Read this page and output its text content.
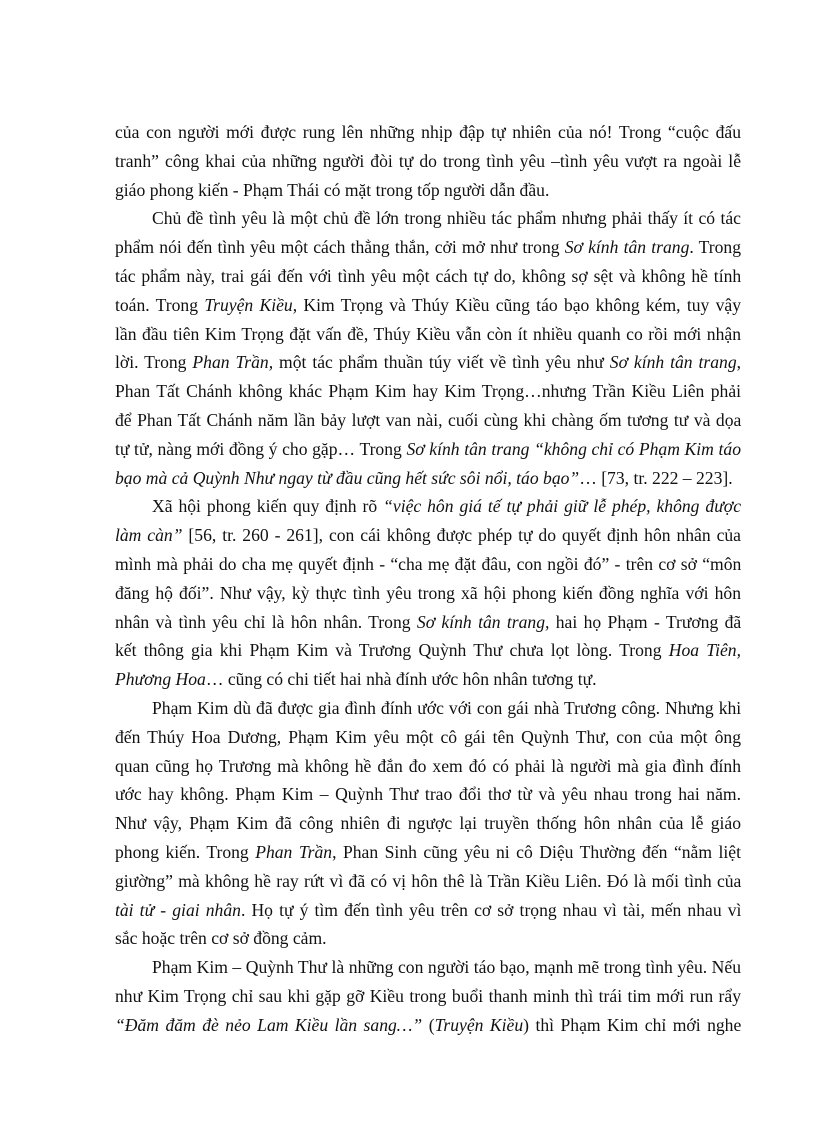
của con người mới được rung lên những nhịp đập tự nhiên của nó! Trong “cuộc đấu
tranh” công khai của những người đòi tự do trong tình yêu –tình yêu vượt ra ngoài lễ
giáo phong kiến - Phạm Thái có mặt trong tốp người dẫn đầu.
Chủ đề tình yêu là một chủ đề lớn trong nhiều tác phẩm nhưng phải thấy ít có tác
phẩm nói đến tình yêu một cách thẳng thắn, cởi mở như trong Sơ kính tân trang. Trong
tác phẩm này, trai gái đến với tình yêu một cách tự do, không sợ sệt và không hề tính
toán. Trong Truyện Kiều, Kim Trọng và Thúy Kiều cũng táo bạo không kém, tuy vậy
lần đầu tiên Kim Trọng đặt vấn đề, Thúy Kiều vẫn còn ít nhiều quanh co rồi mới nhận
lời. Trong Phan Trần, một tác phẩm thuần túy viết về tình yêu như Sơ kính tân trang,
Phan Tất Chánh không khác Phạm Kim hay Kim Trọng…nhưng Trần Kiều Liên phải
để Phan Tất Chánh năm lần bảy lượt van nài, cuối cùng khi chàng ốm tương tư và dọa
tự tử, nàng mới đồng ý cho gặp… Trong Sơ kính tân trang “không chỉ có Phạm Kim táo
bạo mà cả Quỳnh Như ngay từ đầu cũng hết sức sôi nổi, táo bạo”… [73, tr. 222 – 223].
Xã hội phong kiến quy định rõ “việc hôn giá tế tự phải giữ lễ phép, không được
làm càn” [56, tr. 260 - 261], con cái không được phép tự do quyết định hôn nhân của
mình mà phải do cha mẹ quyết định - “cha mẹ đặt đâu, con ngồi đó” - trên cơ sở “môn
đăng hộ đối”. Như vậy, kỳ thực tình yêu trong xã hội phong kiến đồng nghĩa với hôn
nhân và tình yêu chỉ là hôn nhân. Trong Sơ kính tân trang, hai họ Phạm - Trương đã
kết thông gia khi Phạm Kim và Trương Quỳnh Thư chưa lọt lòng. Trong Hoa Tiên,
Phương Hoa… cũng có chi tiết hai nhà đính ước hôn nhân tương tự.
Phạm Kim dù đã được gia đình đính ước với con gái nhà Trương công. Nhưng khi
đến Thúy Hoa Dương, Phạm Kim yêu một cô gái tên Quỳnh Thư, con của một ông
quan cũng họ Trương mà không hề đắn đo xem đó có phải là người mà gia đình đính
ước hay không. Phạm Kim – Quỳnh Thư trao đổi thơ từ và yêu nhau trong hai năm.
Như vậy, Phạm Kim đã công nhiên đi ngược lại truyền thống hôn nhân của lễ giáo
phong kiến. Trong Phan Trần, Phan Sinh cũng yêu ni cô Diệu Thường đến “nằm liệt
giường” mà không hề ray rứt vì đã có vị hôn thê là Trần Kiều Liên. Đó là mối tình của
tài tử - giai nhân. Họ tự ý tìm đến tình yêu trên cơ sở trọng nhau vì tài, mến nhau vì
sắc hoặc trên cơ sở đồng cảm.
Phạm Kim – Quỳnh Thư là những con người táo bạo, mạnh mẽ trong tình yêu. Nếu
như Kim Trọng chỉ sau khi gặp gỡ Kiều trong buổi thanh minh thì trái tim mới run rẩy
“Đăm đăm đè nẻo Lam Kiều lần sang…” (Truyện Kiều) thì Phạm Kim chỉ mới nghe
